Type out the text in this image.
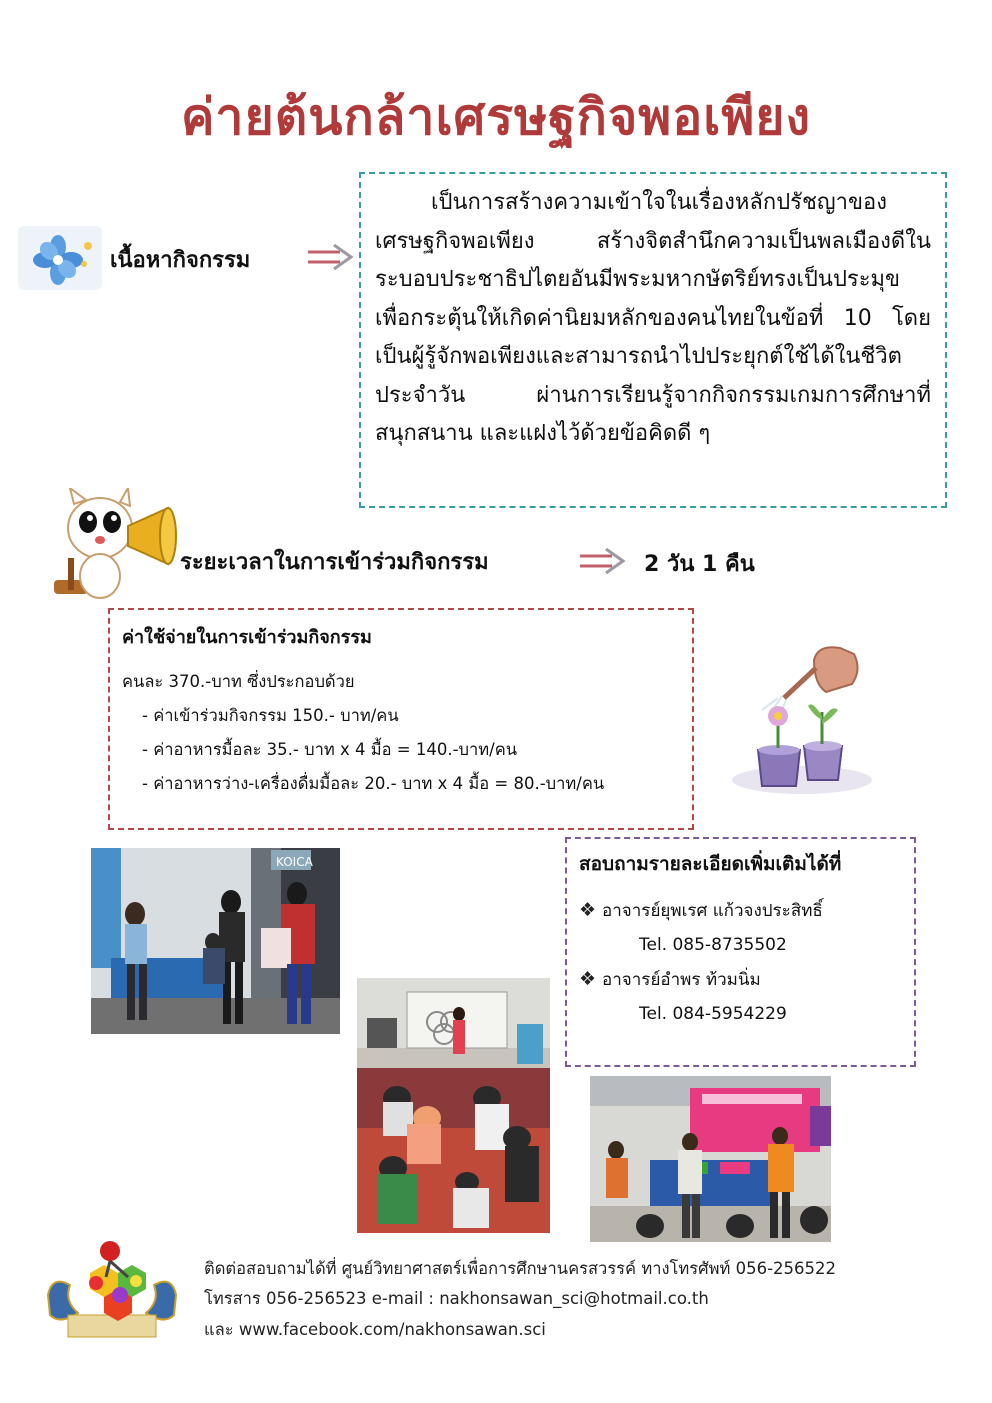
ค่ายต้นกล้าเศรษฐกิจพอเพียง
เนื้อหากิจกรรม

เป็นการสร้างความเข้าใจในเรื่องหลักปรัชญาของเศรษฐกิจพอเพียง สร้างจิตสำนึกความเป็นพลเมืองดีในระบอบประชาธิปไตยอันมีพระมหากษัตริย์ทรงเป็นประมุข เพื่อกระตุ้นให้เกิดค่านิยมหลักของคนไทยในข้อที่ 10 โดยเป็นผู้รู้จักพอเพียงและสามารถนำไปประยุกต์ใช้ได้ในชีวิตประจำวัน ผ่านการเรียนรู้จากกิจกรรมเกมการศึกษาที่สนุกสนาน และแฝงไว้ด้วยข้อคิดดี ๆ

ระยะเวลาในการเข้าร่วมกิจกรรม	2 วัน 1 คืน
ค่าใช้จ่ายในการเข้าร่วมกิจกรรม
คนละ 370.-บาท ซึ่งประกอบด้วย
- ค่าเข้าร่วมกิจกรรม 150.- บาท/คน
- ค่าอาหารมื้อละ 35.- บาท x 4 มื้อ = 140.-บาท/คน
- ค่าอาหารว่าง-เครื่องดื่มมื้อละ 20.- บาท x 4 มื้อ = 80.-บาท/คน
สอบถามรายละเอียดเพิ่มเติมได้ที่
❖ อาจารย์ยุพเรศ แก้วจงประสิทธิ์
Tel. 085-8735502
❖ อาจารย์อำพร ท้วมนิ่ม
Tel. 084-5954229
KOICA
ติดต่อสอบถามได้ที่ ศูนย์วิทยาศาสตร์เพื่อการศึกษานครสวรรค์ ทางโทรศัพท์ 056-256522
โทรสาร 056-256523 e-mail : nakhonsawan_sci@hotmail.co.th
และ www.facebook.com/nakhonsawan.sci
